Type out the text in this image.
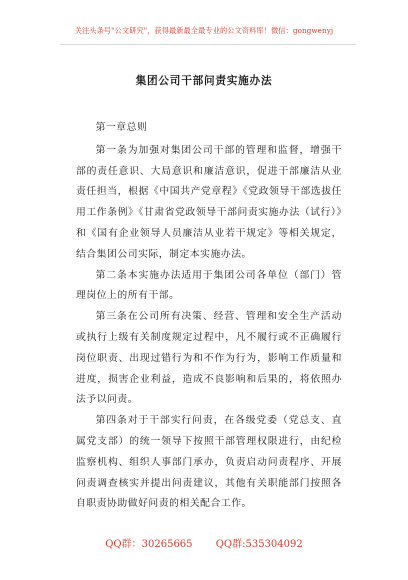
关注头条号"公文研究"，获得最新最全最专业的公文资料库！微信：gongwenyj
集团公司干部问责实施办法

第一章总则

第一条为加强对集团公司干部的管理和监督，增强干部的责任意识、大局意识和廉洁意识，促进干部廉洁从业责任担当，根据《中国共产党章程》《党政领导干部选拔任用工作条例》《甘肃省党政领导干部问责实施办法（试行）》和《国有企业领导人员廉洁从业若干规定》等相关规定，结合集团公司实际，制定本实施办法。

第二条本实施办法适用于集团公司各单位（部门）管理岗位上的所有干部。

第三条在公司所有决策、经营、管理和安全生产活动或执行上级有关制度规定过程中，凡不履行或不正确履行岗位职责、出现过错行为和不作为行为，影响工作质量和进度，损害企业利益，造成不良影响和后果的，将依照办法予以问责。

第四条对于干部实行问责，在各级党委（党总支、直属党支部）的统一领导下按照干部管理权限进行，由纪检监察机构、组织人事部门承办，负责启动问责程序、开展问责调查核实并提出问责建议，其他有关职能部门按照各自职责协助做好问责的相关配合工作。

QQ群：30265665 QQ群:535304092
